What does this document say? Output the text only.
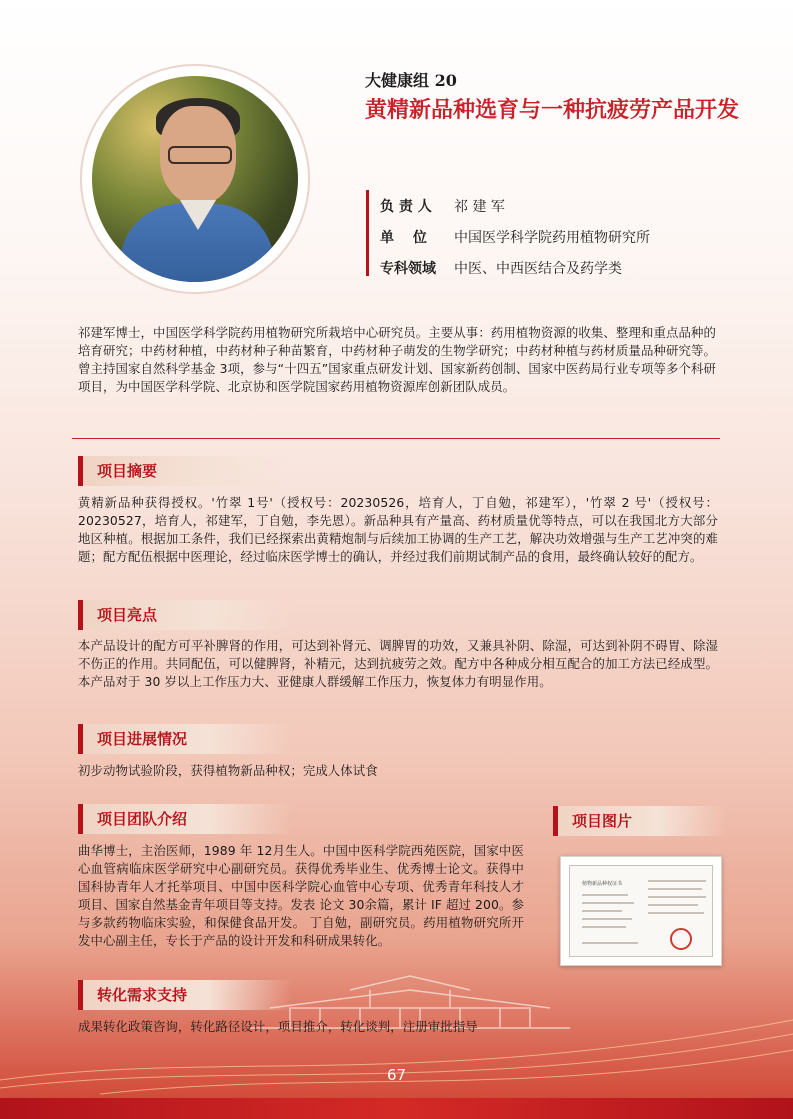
大健康组 20
黄精新品种选育与一种抗疲劳产品开发
负 责 人 祁 建 军
单　 位 中国医学科学院药用植物研究所
专科领域 中医、中西医结合及药学类
祁建军博士，中国医学科学院药用植物研究所栽培中心研究员。主要从事：药用植物资源的收集、整理和重点品种的培育研究；中药材种植，中药材种子种苗繁育，中药材种子萌发的生物学研究；中药材种植与药材质量品种研究等。曾主持国家自然科学基金 3项，参与“十四五”国家重点研发计划、国家新药创制、国家中医药局行业专项等多个科研项目，为中国医学科学院、北京协和医学院国家药用植物资源库创新团队成员。
项目摘要
黄精新品种获得授权。'竹翠 1号'（授权号：20230526，培育人，丁自勉，祁建军），'竹翠 2 号'（授权号：20230527，培育人，祁建军，丁自勉，李先恩）。新品种具有产量高、药材质量优等特点，可以在我国北方大部分地区种植。根据加工条件，我们已经探索出黄精炮制与后续加工协调的生产工艺，解决功效增强与生产工艺冲突的难题；配方配伍根据中医理论，经过临床医学博士的确认，并经过我们前期试制产品的食用，最终确认较好的配方。
项目亮点
本产品设计的配方可平补脾肾的作用，可达到补肾元、调脾胃的功效，又兼具补阴、除湿，可达到补阴不碍胃、除湿不伤正的作用。共同配伍，可以健脾肾，补精元，达到抗疲劳之效。配方中各种成分相互配合的加工方法已经成型。本产品对于 30 岁以上工作压力大、亚健康人群缓解工作压力，恢复体力有明显作用。
项目进展情况
初步动物试验阶段，获得植物新品种权；完成人体试食
项目团队介绍
曲华博士，主治医师，1989 年 12月生人。中国中医科学院西苑医院，国家中医心血管病临床医学研究中心副研究员。获得优秀毕业生、优秀博士论文。获得中国科协青年人才托举项目、中国中医科学院心血管中心专项、优秀青年科技人才项目、国家自然基金青年项目等支持。发表 论文 30余篇，累计 IF 超过 200。参与多款药物临床实验，和保健食品开发。 丁自勉，副研究员。药用植物研究所开发中心副主任，专长于产品的设计开发和科研成果转化。
项目图片
植物新品种权证书
转化需求支持
成果转化政策咨询，转化路径设计，项目推介，转化谈判，注册审批指导
67
